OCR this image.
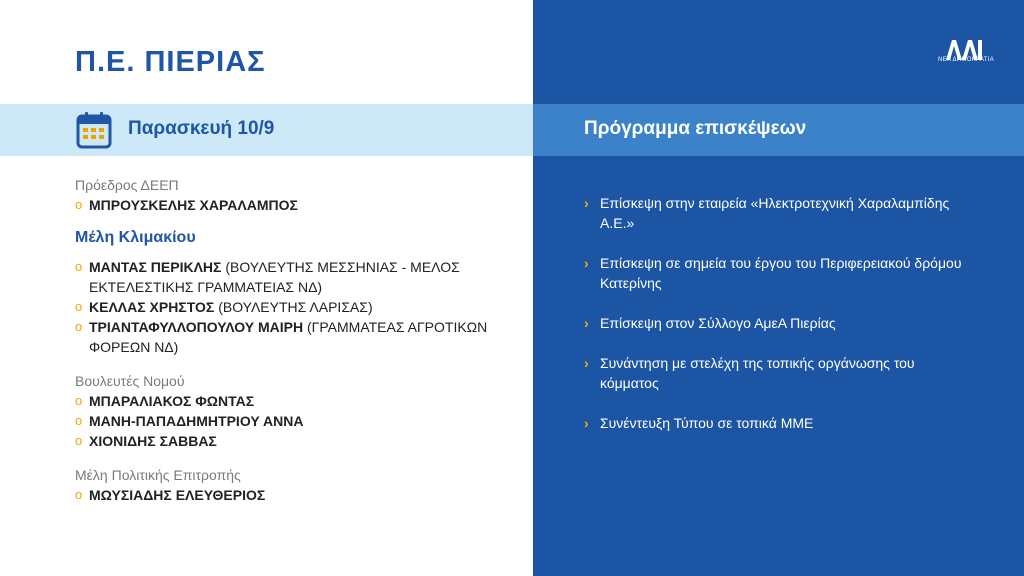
Π.Ε. ΠΙΕΡΙΑΣ	ΝΕΑ ΔΗΜΟΚΡΑΤΙΑ
Παρασκευή 10/9	Πρόγραμμα επισκέψεων
Πρόεδρος ΔΕΕΠ
o ΜΠΡΟΥΣΚΕΛΗΣ ΧΑΡΑΛΑΜΠΟΣ
Μέλη Κλιμακίου
o ΜΑΝΤΑΣ ΠΕΡΙΚΛΗΣ (ΒΟΥΛΕΥΤΗΣ ΜΕΣΣΗΝΙΑΣ - ΜΕΛΟΣ ΕΚΤΕΛΕΣΤΙΚΗΣ ΓΡΑΜΜΑΤΕΙΑΣ ΝΔ)
o ΚΕΛΛΑΣ ΧΡΗΣΤΟΣ (ΒΟΥΛΕΥΤΗΣ ΛΑΡΙΣΑΣ)
o ΤΡΙΑΝΤΑΦΥΛΛΟΠΟΥΛΟΥ ΜΑΙΡΗ (ΓΡΑΜΜΑΤΕΑΣ ΑΓΡΟΤΙΚΩΝ ΦΟΡΕΩΝ ΝΔ)
Βουλευτές Νομού
o ΜΠΑΡΑΛΙΑΚΟΣ ΦΩΝΤΑΣ
o ΜΑΝΗ-ΠΑΠΑΔΗΜΗΤΡΙΟΥ ΑΝΝΑ
o ΧΙΟΝΙΔΗΣ ΣΑΒΒΑΣ
Μέλη Πολιτικής Επιτροπής
o ΜΩΥΣΙΑΔΗΣ ΕΛΕΥΘΕΡΙΟΣ
› Επίσκεψη στην εταιρεία «Ηλεκτροτεχνική Χαραλαμπίδης Α.Ε.»
› Επίσκεψη σε σημεία του έργου του Περιφερειακού δρόμου Κατερίνης
› Επίσκεψη στον Σύλλογο ΑμεΑ Πιερίας
› Συνάντηση με στελέχη της τοπικής οργάνωσης του κόμματος
› Συνέντευξη Τύπου σε τοπικά ΜΜΕ
